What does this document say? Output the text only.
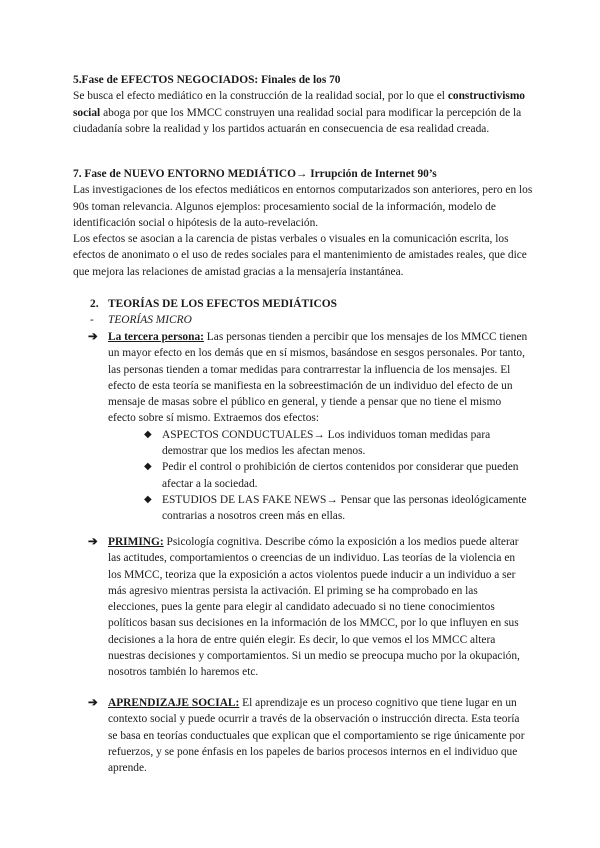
5.Fase de EFECTOS NEGOCIADOS: Finales de los 70

Se busca el efecto mediático en la construcción de la realidad social, por lo que el constructivismo social aboga por que los MMCC construyen una realidad social para modificar la percepción de la ciudadanía sobre la realidad y los partidos actuarán en consecuencia de esa realidad creada.

7. Fase de NUEVO ENTORNO MEDIÁTICO→ Irrupción de Internet 90’s

Las investigaciones de los efectos mediáticos en entornos computarizados son anteriores, pero en los 90s toman relevancia. Algunos ejemplos: procesamiento social de la información, modelo de identificación social o hipótesis de la auto-revelación.

Los efectos se asocian a la carencia de pistas verbales o visuales en la comunicación escrita, los efectos de anonimato o el uso de redes sociales para el mantenimiento de amistades reales, que dice que mejora las relaciones de amistad gracias a la mensajería instantánea.

2. TEORÍAS DE LOS EFECTOS MEDIÁTICOS
- TEORÍAS MICRO
➔ La tercera persona: Las personas tienden a percibir que los mensajes de los MMCC tienen un mayor efecto en los demás que en sí mismos, basándose en sesgos personales. Por tanto, las personas tienden a tomar medidas para contrarrestar la influencia de los mensajes. El efecto de esta teoría se manifiesta en la sobreestimación de un individuo del efecto de un mensaje de masas sobre el público en general, y tiende a pensar que no tiene el mismo efecto sobre sí mismo. Extraemos dos efectos:

◆ ASPECTOS CONDUCTUALES→ Los individuos toman medidas para demostrar que los medios les afectan menos.
◆ Pedir el control o prohibición de ciertos contenidos por considerar que pueden afectar a la sociedad.
◆ ESTUDIOS DE LAS FAKE NEWS→ Pensar que las personas ideológicamente contrarias a nosotros creen más en ellas.
➔ PRIMING: Psicología cognitiva. Describe cómo la exposición a los medios puede alterar las actitudes, comportamientos o creencias de un individuo. Las teorías de la violencia en los MMCC, teoriza que la exposición a actos violentos puede inducir a un individuo a ser más agresivo mientras persista la activación. El priming se ha comprobado en las elecciones, pues la gente para elegir al candidato adecuado si no tiene conocimientos políticos basan sus decisiones en la información de los MMCC, por lo que influyen en sus decisiones a la hora de entre quién elegir. Es decir, lo que vemos el los MMCC altera nuestras decisiones y comportamientos. Si un medio se preocupa mucho por la okupación, nosotros también lo haremos etc.

➔ APRENDIZAJE SOCIAL: El aprendizaje es un proceso cognitivo que tiene lugar en un contexto social y puede ocurrir a través de la observación o instrucción directa. Esta teoría se basa en teorías conductuales que explican que el comportamiento se rige únicamente por refuerzos, y se pone énfasis en los papeles de barios procesos internos en el individuo que aprende.
